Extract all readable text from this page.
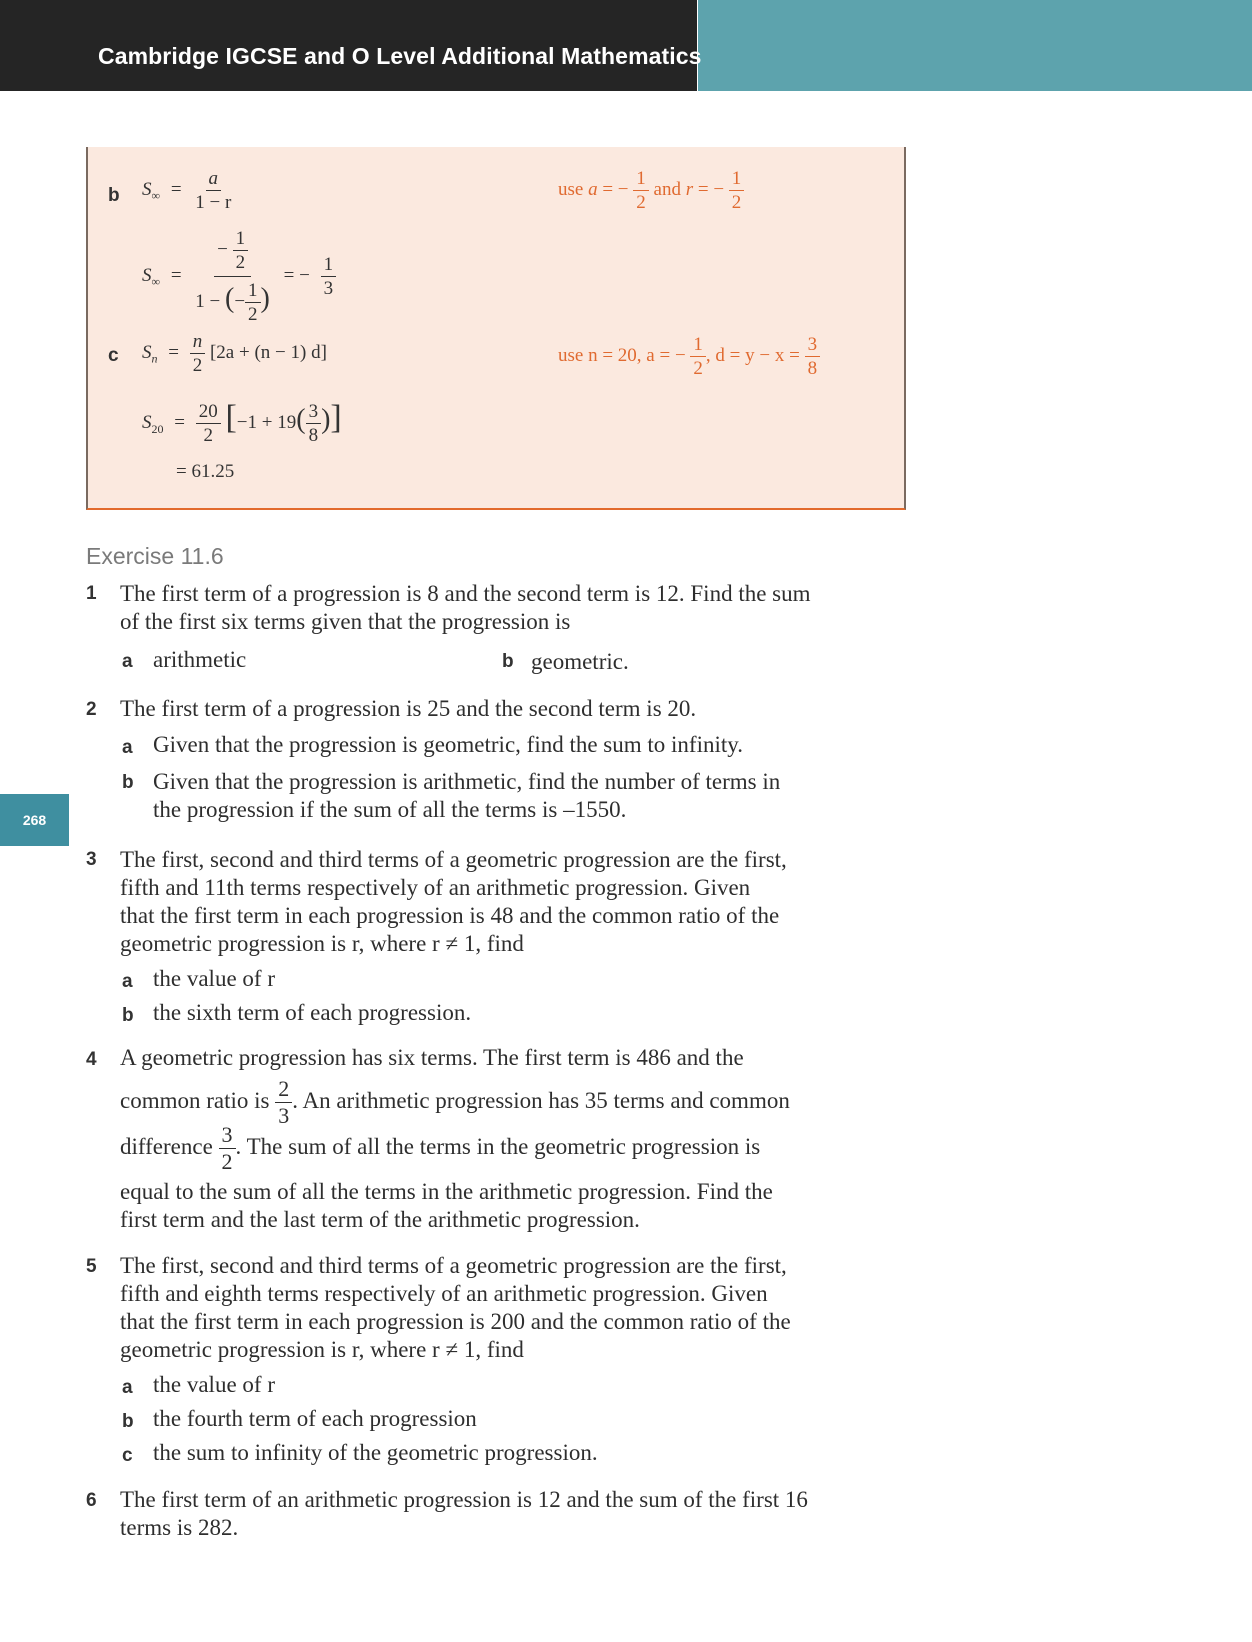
Cambridge IGCSE and O Level Additional Mathematics
268
b $S_\infty = \frac{a}{1 - r}$	use a = − $\frac{1}{2}$ and r = − $\frac{1}{2}$
$S_\infty = \frac{- \frac{1}{2}}{1 - (- \frac{1}{2} )}$ = − $\frac{1}{3}$
c $S_n = \frac{n}{2} [2a + (n - 1)$ d]	use n = 20, a = − $\frac{1}{2}$ , $d = y - x = \frac{3}{8}$
$S_{20} = \frac{20}{2} [-1 + 19( \frac{3}{8}$ )]
= 61.25
Exercise 11.6
1 The first term of a progression is 8 and the second term is 12. Find the sum
of the first six terms given that the progression is
a arithmetic	b geometric.
2 The first term of a progression is 25 and the second term is 20.
a Given that the progression is geometric, find the sum to infinity.
b Given that the progression is arithmetic, find the number of terms in
the progression if the sum of all the terms is –1550.
3 The first, second and third terms of a geometric progression are the first,
fifth and 11th terms respectively of an arithmetic progression. Given
that the first term in each progression is 48 and the common ratio of the
geometric progression is r, where r ≠ 1, find
a the value of r
b the sixth term of each progression.
4 A geometric progression has six terms. The first term is 486 and the
common ratio is $\frac{2}{3}$ . An arithmetic progression has 35 terms and common
difference $\frac{3}{2}$ . The sum of all the terms in the geometric progression is
equal to the sum of all the terms in the arithmetic progression. Find the
first term and the last term of the arithmetic progression.
5 The first, second and third terms of a geometric progression are the first,
fifth and eighth terms respectively of an arithmetic progression. Given
that the first term in each progression is 200 and the common ratio of the
geometric progression is r, where r ≠ 1, find
a the value of r
b the fourth term of each progression
c the sum to infinity of the geometric progression.
6 The first term of an arithmetic progression is 12 and the sum of the first 16
terms is 282.
